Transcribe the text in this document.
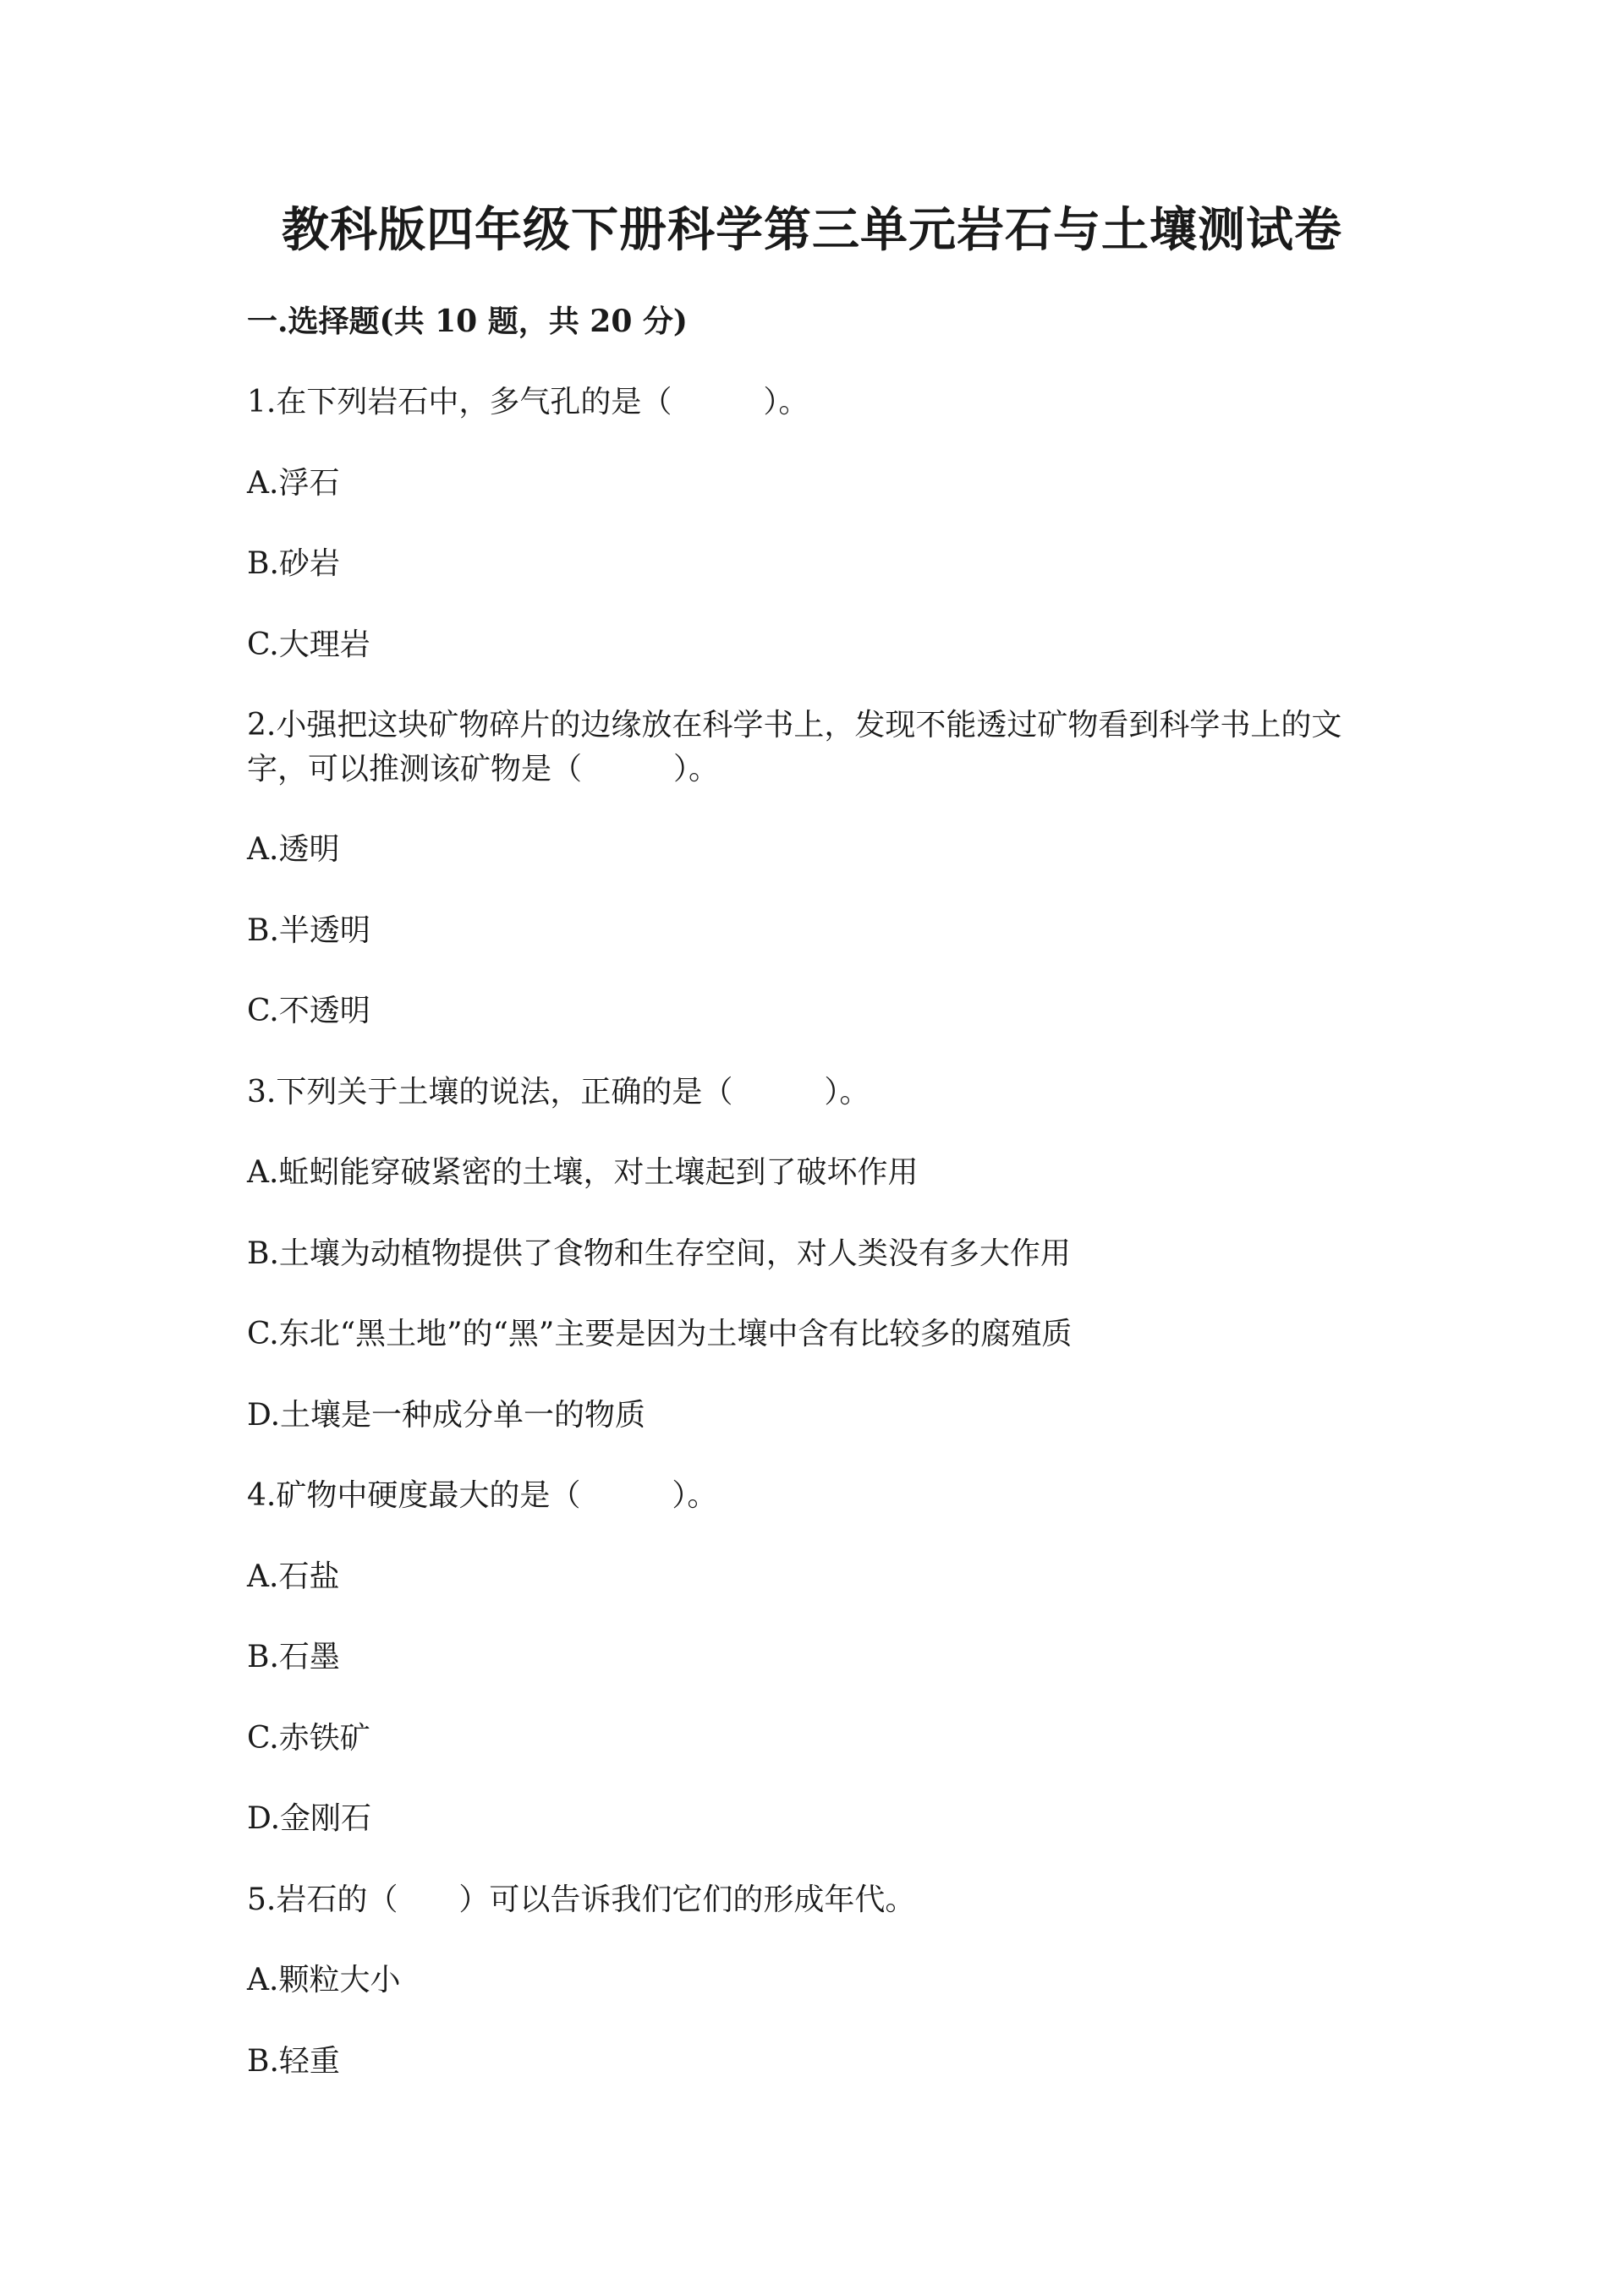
教科版四年级下册科学第三单元岩石与土壤测试卷
一.选择题(共 10 题，共 20 分)
1.在下列岩石中，多气孔的是（　　　）。
A.浮石
B.砂岩
C.大理岩
2.小强把这块矿物碎片的边缘放在科学书上，发现不能透过矿物看到科学书上的文字，可以推测该矿物是（　　　）。
A.透明
B.半透明
C.不透明
3.下列关于土壤的说法，正确的是（　　　）。
A.蚯蚓能穿破紧密的土壤，对土壤起到了破坏作用
B.土壤为动植物提供了食物和生存空间，对人类没有多大作用
C.东北“黑土地”的“黑”主要是因为土壤中含有比较多的腐殖质
D.土壤是一种成分单一的物质
4.矿物中硬度最大的是（　　　）。
A.石盐
B.石墨
C.赤铁矿
D.金刚石
5.岩石的（　　）可以告诉我们它们的形成年代。
A.颗粒大小
B.轻重
